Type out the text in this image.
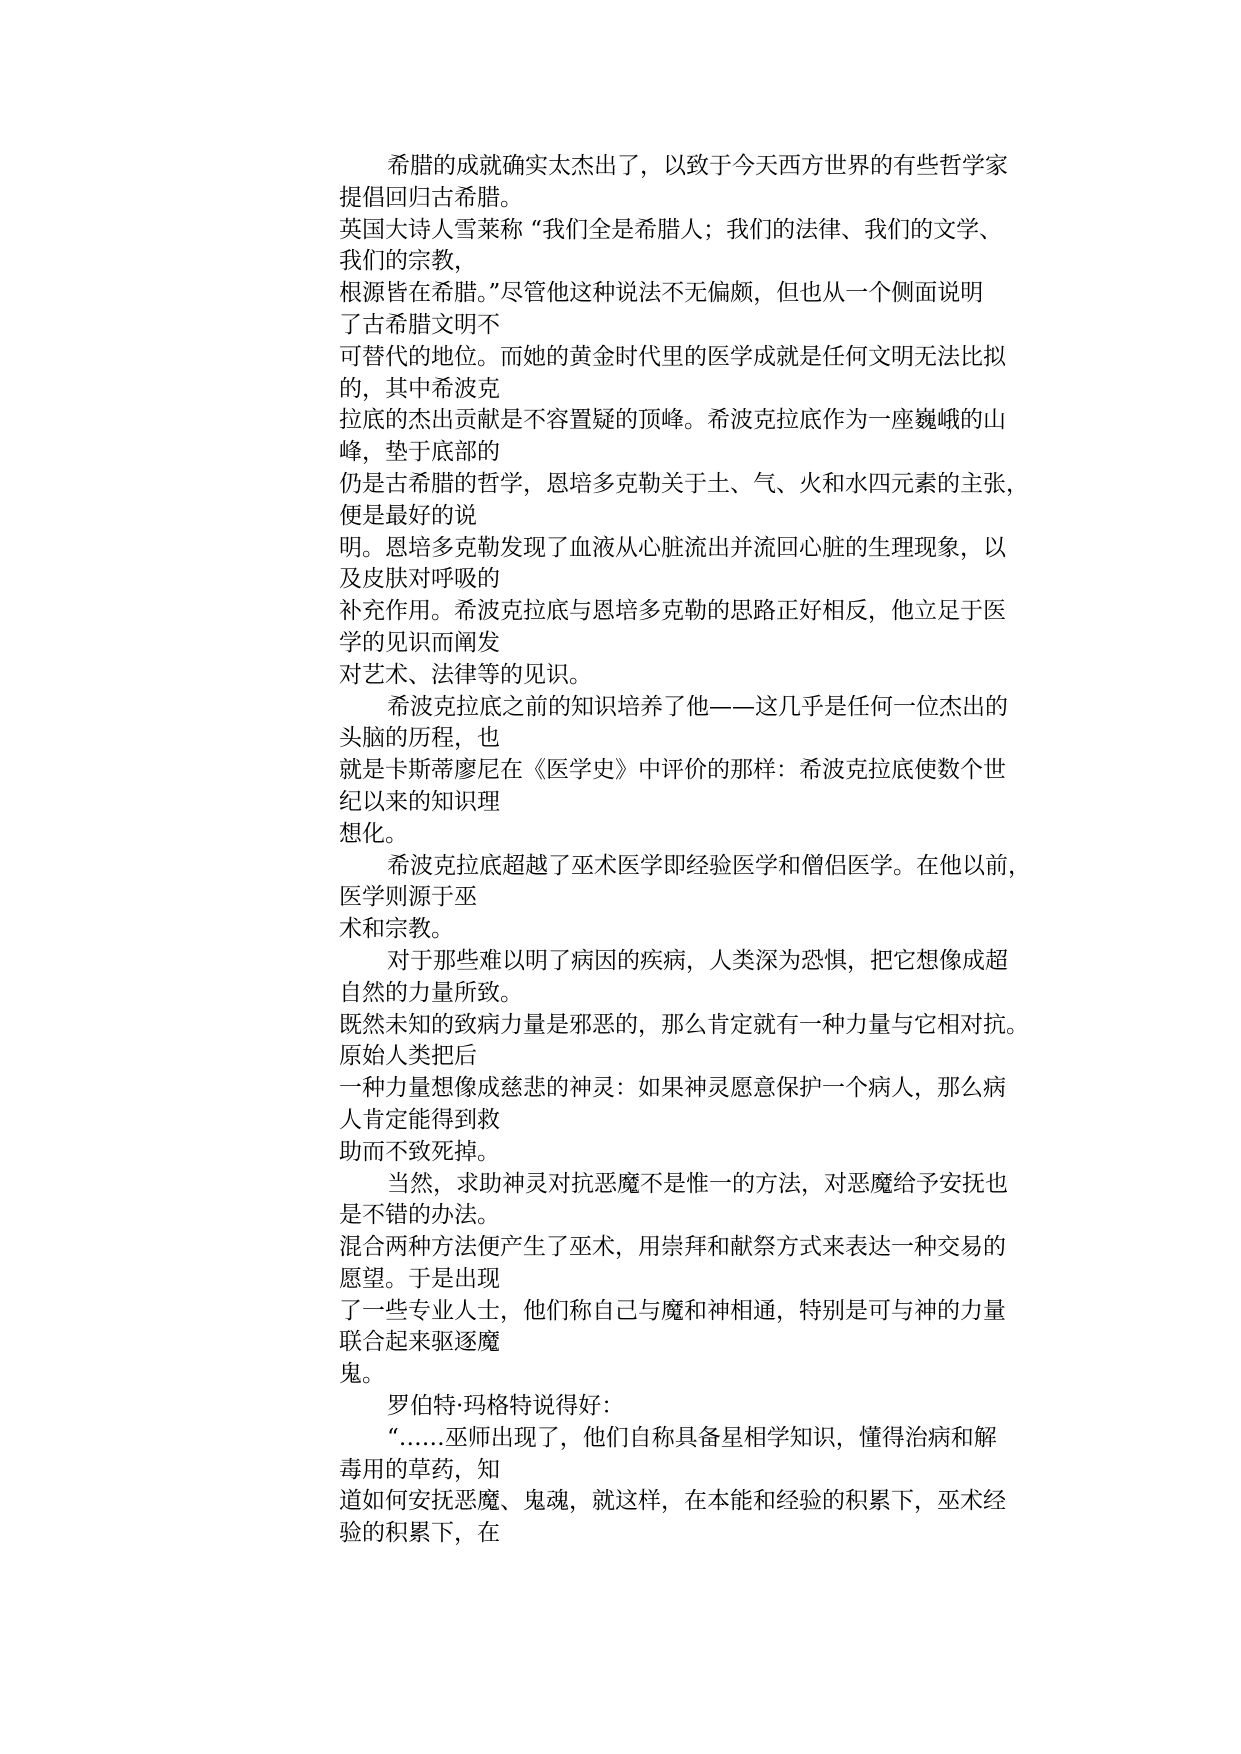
希腊的成就确实太杰出了，以致于今天西方世界的有些哲学家
提倡回归古希腊。
英国大诗人雪莱称 “我们全是希腊人；我们的法律、我们的文学、
我们的宗教，
根源皆在希腊。”尽管他这种说法不无偏颇，但也从一个侧面说明
了古希腊文明不
可替代的地位。而她的黄金时代里的医学成就是任何文明无法比拟
的，其中希波克
拉底的杰出贡献是不容置疑的顶峰。希波克拉底作为一座巍峨的山
峰，垫于底部的
仍是古希腊的哲学，恩培多克勒关于土、气、火和水四元素的主张，
便是最好的说
明。恩培多克勒发现了血液从心脏流出并流回心脏的生理现象，以
及皮肤对呼吸的
补充作用。希波克拉底与恩培多克勒的思路正好相反，他立足于医
学的见识而阐发
对艺术、法律等的见识。
希波克拉底之前的知识培养了他——这几乎是任何一位杰出的
头脑的历程，也
就是卡斯蒂廖尼在《医学史》中评价的那样：希波克拉底使数个世
纪以来的知识理
想化。
希波克拉底超越了巫术医学即经验医学和僧侣医学。在他以前，
医学则源于巫
术和宗教。
对于那些难以明了病因的疾病，人类深为恐惧，把它想像成超
自然的力量所致。
既然未知的致病力量是邪恶的，那么肯定就有一种力量与它相对抗。
原始人类把后
一种力量想像成慈悲的神灵：如果神灵愿意保护一个病人，那么病
人肯定能得到救
助而不致死掉。
当然，求助神灵对抗恶魔不是惟一的方法，对恶魔给予安抚也
是不错的办法。
混合两种方法便产生了巫术，用崇拜和献祭方式来表达一种交易的
愿望。于是出现
了一些专业人士，他们称自己与魔和神相通，特别是可与神的力量
联合起来驱逐魔
鬼。
罗伯特·玛格特说得好：
“……巫师出现了，他们自称具备星相学知识，懂得治病和解
毒用的草药，知
道如何安抚恶魔、鬼魂，就这样，在本能和经验的积累下，巫术经
验的积累下，在
